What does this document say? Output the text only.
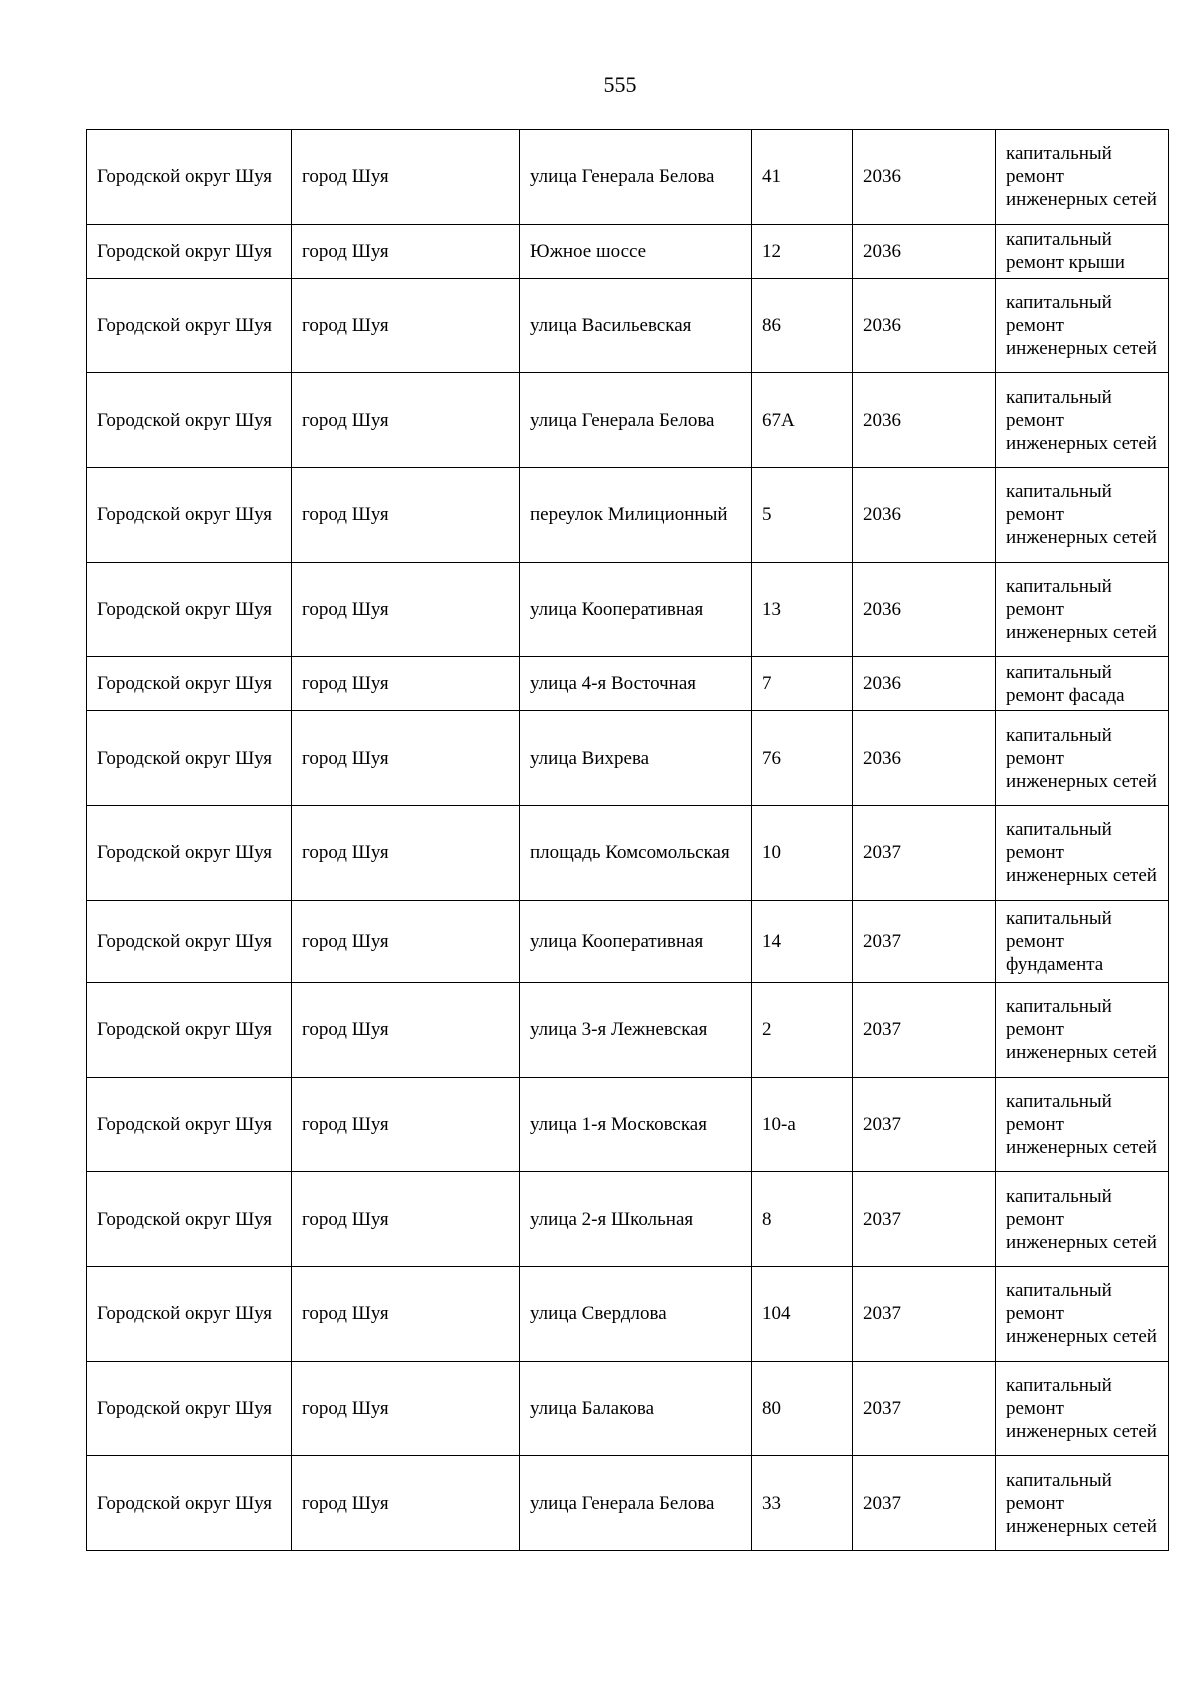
555
Городской округ Шуя	город Шуя	улица Генерала Белова	41	2036	капитальный ремонт инженерных сетей
Городской округ Шуя	город Шуя	Южное шоссе	12	2036	капитальный ремонт крыши
Городской округ Шуя	город Шуя	улица Васильевская	86	2036	капитальный ремонт инженерных сетей
Городской округ Шуя	город Шуя	улица Генерала Белова	67А	2036	капитальный ремонт инженерных сетей
Городской округ Шуя	город Шуя	переулок Милиционный	5	2036	капитальный ремонт инженерных сетей
Городской округ Шуя	город Шуя	улица Кооперативная	13	2036	капитальный ремонт инженерных сетей
Городской округ Шуя	город Шуя	улица 4-я Восточная	7	2036	капитальный ремонт фасада
Городской округ Шуя	город Шуя	улица Вихрева	76	2036	капитальный ремонт инженерных сетей
Городской округ Шуя	город Шуя	площадь Комсомольская	10	2037	капитальный ремонт инженерных сетей
Городской округ Шуя	город Шуя	улица Кооперативная	14	2037	капитальный ремонт фундамента
Городской округ Шуя	город Шуя	улица 3-я Лежневская	2	2037	капитальный ремонт инженерных сетей
Городской округ Шуя	город Шуя	улица 1-я Московская	10-а	2037	капитальный ремонт инженерных сетей
Городской округ Шуя	город Шуя	улица 2-я Школьная	8	2037	капитальный ремонт инженерных сетей
Городской округ Шуя	город Шуя	улица Свердлова	104	2037	капитальный ремонт инженерных сетей
Городской округ Шуя	город Шуя	улица Балакова	80	2037	капитальный ремонт инженерных сетей
Городской округ Шуя	город Шуя	улица Генерала Белова	33	2037	капитальный ремонт инженерных сетей
